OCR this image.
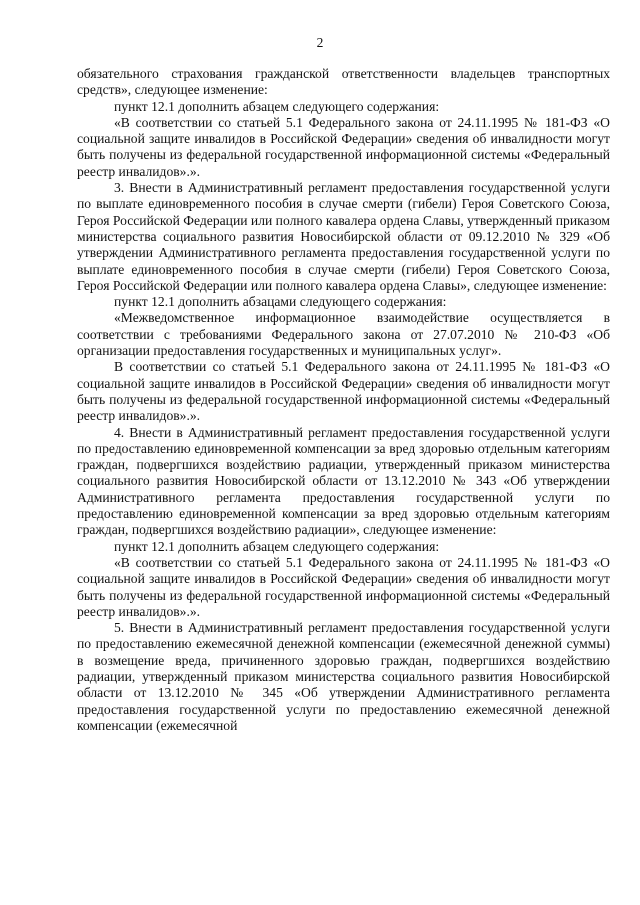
2

обязательного страхования гражданской ответственности владельцев транспортных средств», следующее изменение:

пункт 12.1 дополнить абзацем следующего содержания:

«В соответствии со статьей 5.1 Федерального закона от 24.11.1995 № 181-ФЗ «О социальной защите инвалидов в Российской Федерации» сведения об инвалидности могут быть получены из федеральной государственной информационной системы «Федеральный реестр инвалидов».».

3. Внести в Административный регламент предоставления государственной услуги по выплате единовременного пособия в случае смерти (гибели) Героя Советского Союза, Героя Российской Федерации или полного кавалера ордена Славы, утвержденный приказом министерства социального развития Новосибирской области от 09.12.2010 № 329 «Об утверждении Административного регламента предоставления государственной услуги по выплате единовременного пособия в случае смерти (гибели) Героя Советского Союза, Героя Российской Федерации или полного кавалера ордена Славы», следующее изменение:

пункт 12.1 дополнить абзацами следующего содержания:

«Межведомственное информационное взаимодействие осуществляется в соответствии с требованиями Федерального закона от 27.07.2010 № 210-ФЗ «Об организации предоставления государственных и муниципальных услуг».

В соответствии со статьей 5.1 Федерального закона от 24.11.1995 № 181-ФЗ «О социальной защите инвалидов в Российской Федерации» сведения об инвалидности могут быть получены из федеральной государственной информационной системы «Федеральный реестр инвалидов».».

4. Внести в Административный регламент предоставления государственной услуги по предоставлению единовременной компенсации за вред здоровью отдельным категориям граждан, подвергшихся воздействию радиации, утвержденный приказом министерства социального развития Новосибирской области от 13.12.2010 № 343 «Об утверждении Административного регламента предоставления государственной услуги по предоставлению единовременной компенсации за вред здоровью отдельным категориям граждан, подвергшихся воздействию радиации», следующее изменение:

пункт 12.1 дополнить абзацем следующего содержания:

«В соответствии со статьей 5.1 Федерального закона от 24.11.1995 № 181-ФЗ «О социальной защите инвалидов в Российской Федерации» сведения об инвалидности могут быть получены из федеральной государственной информационной системы «Федеральный реестр инвалидов».».

5. Внести в Административный регламент предоставления государственной услуги по предоставлению ежемесячной денежной компенсации (ежемесячной денежной суммы) в возмещение вреда, причиненного здоровью граждан, подвергшихся воздействию радиации, утвержденный приказом министерства социального развития Новосибирской области от 13.12.2010 № 345 «Об утверждении Административного регламента предоставления государственной услуги по предоставлению ежемесячной денежной компенсации (ежемесячной
